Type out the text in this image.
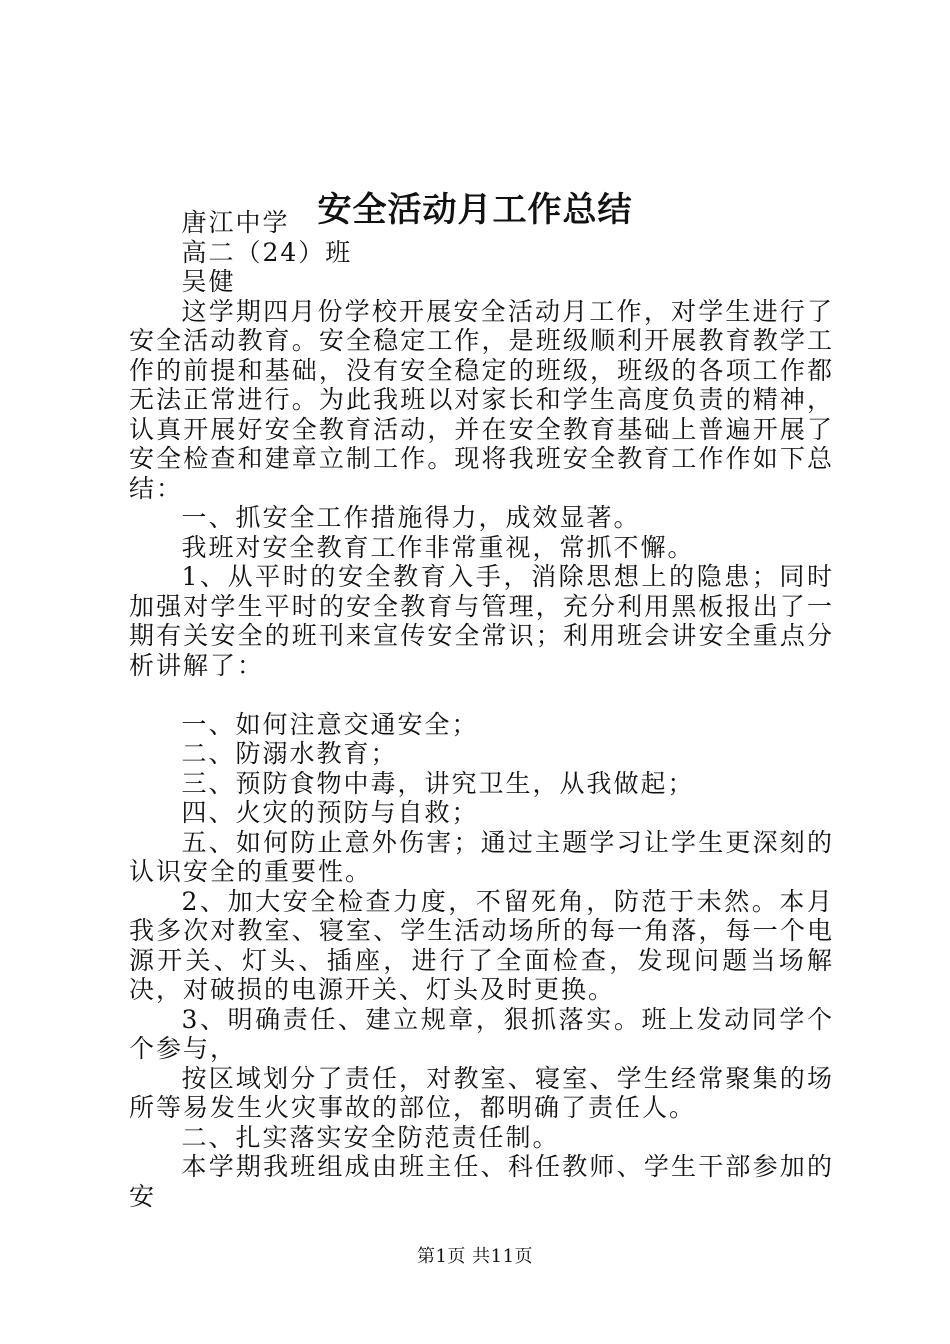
安全活动月工作总结

唐江中学

高二（24）班

吴健

这学期四月份学校开展安全活动月工作，对学生进行了安全活动教育。安全稳定工作，是班级顺利开展教育教学工作的前提和基础，没有安全稳定的班级，班级的各项工作都无法正常进行。为此我班以对家长和学生高度负责的精神，认真开展好安全教育活动，并在安全教育基础上普遍开展了安全检查和建章立制工作。现将我班安全教育工作作如下总结：

一、抓安全工作措施得力，成效显著。

我班对安全教育工作非常重视，常抓不懈。

1、从平时的安全教育入手，消除思想上的隐患；同时加强对学生平时的安全教育与管理，充分利用黑板报出了一期有关安全的班刊来宣传安全常识；利用班会讲安全重点分析讲解了：

一、如何注意交通安全；

二、防溺水教育；

三、预防食物中毒，讲究卫生，从我做起；

四、火灾的预防与自救；

五、如何防止意外伤害；通过主题学习让学生更深刻的认识安全的重要性。

2、加大安全检查力度，不留死角，防范于未然。本月我多次对教室、寝室、学生活动场所的每一角落，每一个电源开关、灯头、插座，进行了全面检查，发现问题当场解决，对破损的电源开关、灯头及时更换。

3、明确责任、建立规章，狠抓落实。班上发动同学个个参与，

按区域划分了责任，对教室、寝室、学生经常聚集的场所等易发生火灾事故的部位，都明确了责任人。

二、扎实落实安全防范责任制。

本学期我班组成由班主任、科任教师、学生干部参加的安

第1页 共11页
